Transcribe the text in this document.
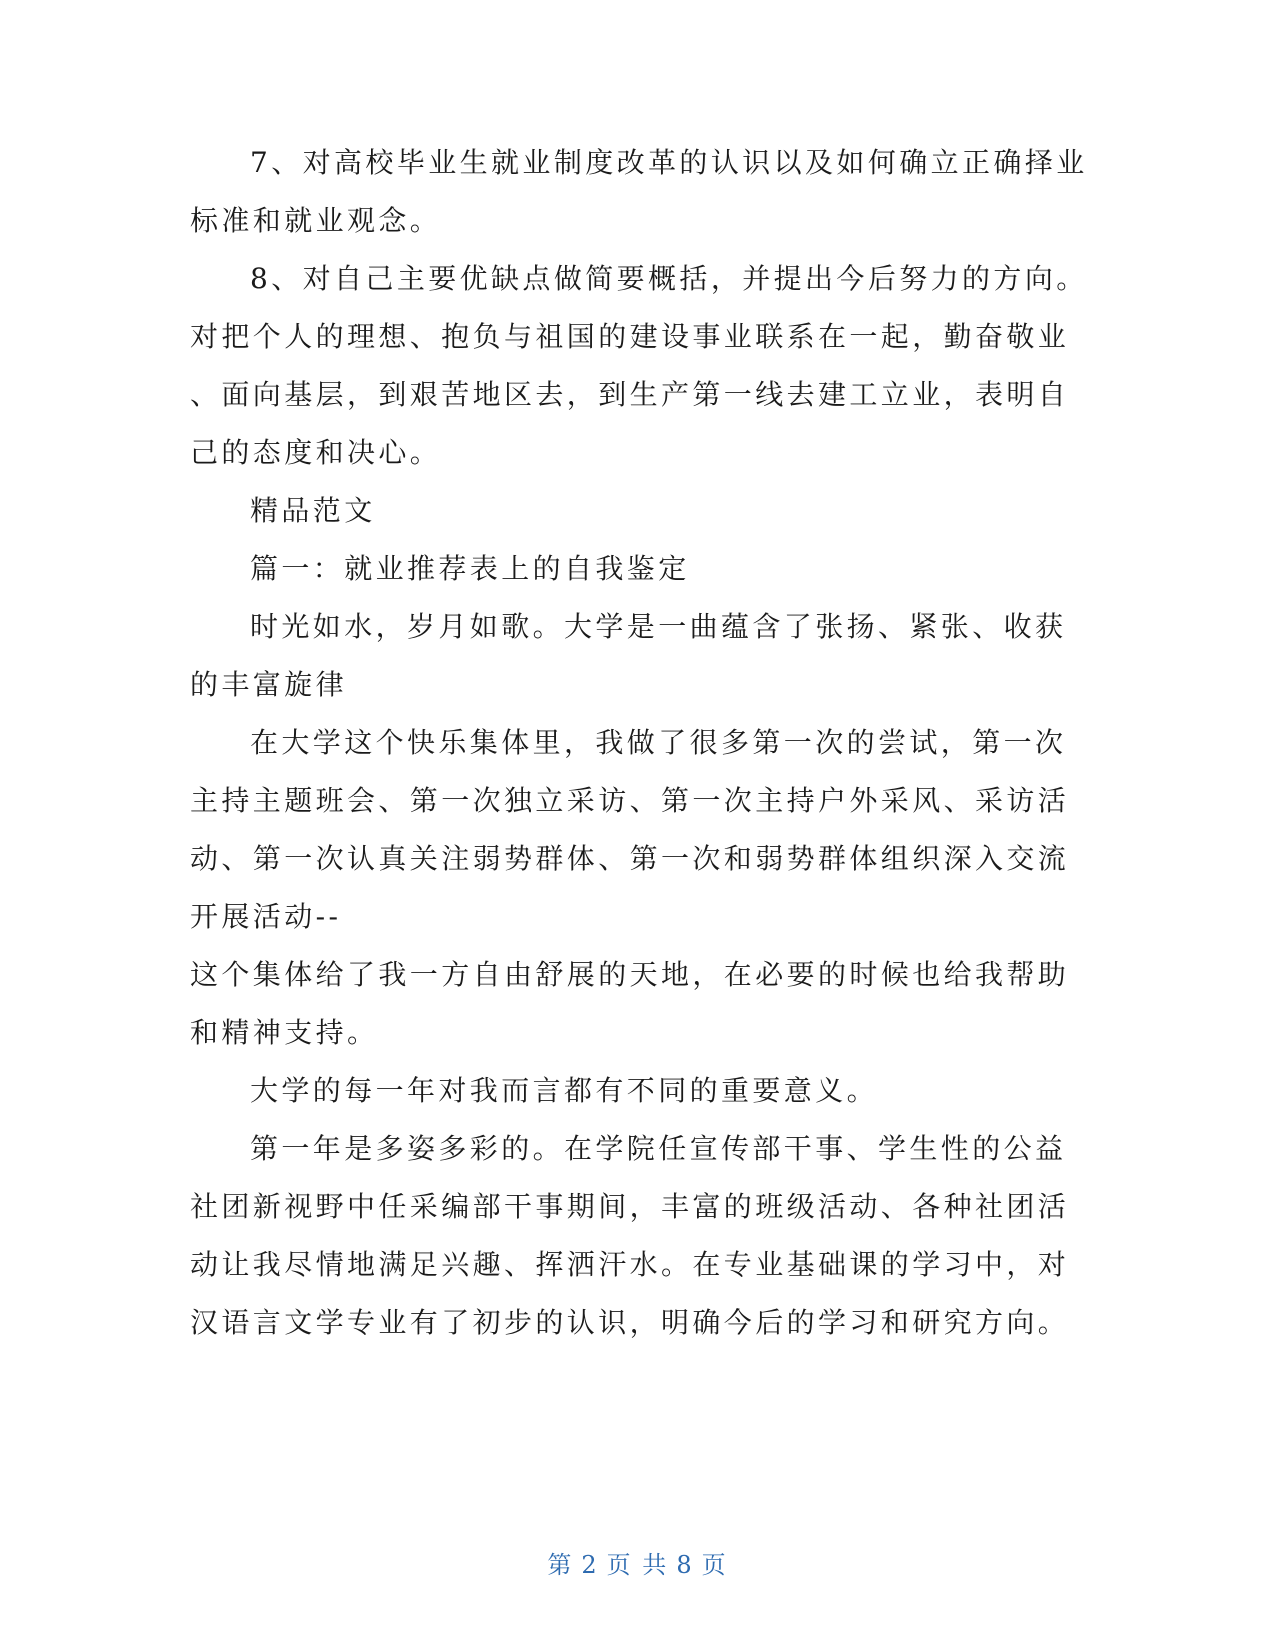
7、对高校毕业生就业制度改革的认识以及如何确立正确择业
标准和就业观念。
8、对自己主要优缺点做简要概括，并提出今后努力的方向。
对把个人的理想、抱负与祖国的建设事业联系在一起，勤奋敬业
、面向基层，到艰苦地区去，到生产第一线去建工立业，表明自
己的态度和决心。
精品范文
篇一：就业推荐表上的自我鉴定
时光如水，岁月如歌。大学是一曲蕴含了张扬、紧张、收获
的丰富旋律
在大学这个快乐集体里，我做了很多第一次的尝试，第一次
主持主题班会、第一次独立采访、第一次主持户外采风、采访活
动、第一次认真关注弱势群体、第一次和弱势群体组织深入交流
开展活动--
这个集体给了我一方自由舒展的天地，在必要的时候也给我帮助
和精神支持。
大学的每一年对我而言都有不同的重要意义。
第一年是多姿多彩的。在学院任宣传部干事、学生性的公益
社团新视野中任采编部干事期间，丰富的班级活动、各种社团活
动让我尽情地满足兴趣、挥洒汗水。在专业基础课的学习中，对
汉语言文学专业有了初步的认识，明确今后的学习和研究方向。
第 2 页 共 8 页
